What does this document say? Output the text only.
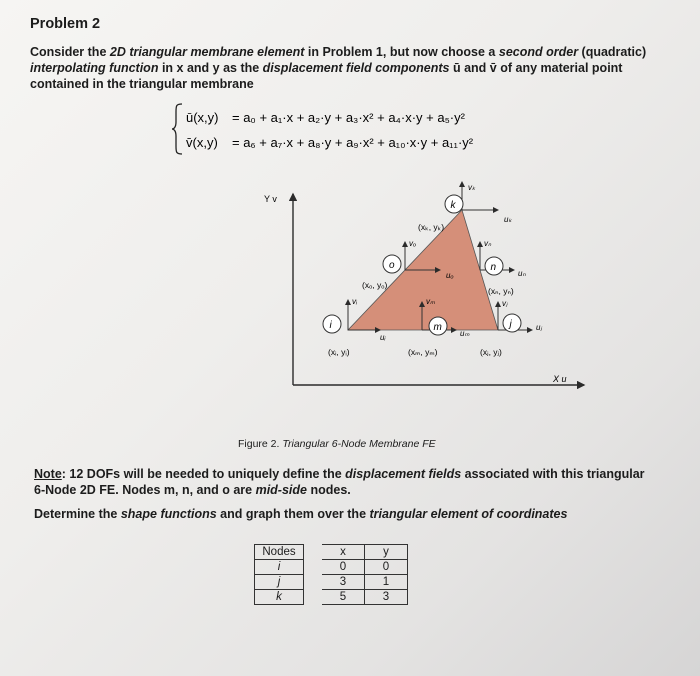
Problem 2
Consider the 2D triangular membrane element in Problem 1, but now choose a second order (quadratic) interpolating function in x and y as the displacement field components ū and v̄ of any material point contained in the triangular membrane
ū(x,y) = a₀ + a₁·x + a₂·y + a₃·x² + a₄·x·y + a₅·y²
v̄(x,y) = a₆ + a₇·x + a₈·y + a₉·x² + a₁₀·x·y + a₁₁·y²
Y v
X u
i	j
k
m
n
o
(xᵢ, yᵢ)	(xⱼ, yⱼ)
(xₖ, yₖ)
(xₘ, yₘ)
(xₙ, yₙ)
(xₒ, yₒ)
vᵢ
uᵢ
vⱼ
uⱼ
vₖ
uₖ
vₘ
uₘ
vₙ
uₙ
vₒ
uₒ
Figure 2. Triangular 6-Node Membrane FE
Note: 12 DOFs will be needed to uniquely define the displacement fields associated with this triangular 6-Node 2D FE. Nodes m, n, and o are mid-side nodes.
Determine the shape functions and graph them over the triangular element of coordinates
Nodes		x	y
i		0	0
j		3	1
k		5	3
